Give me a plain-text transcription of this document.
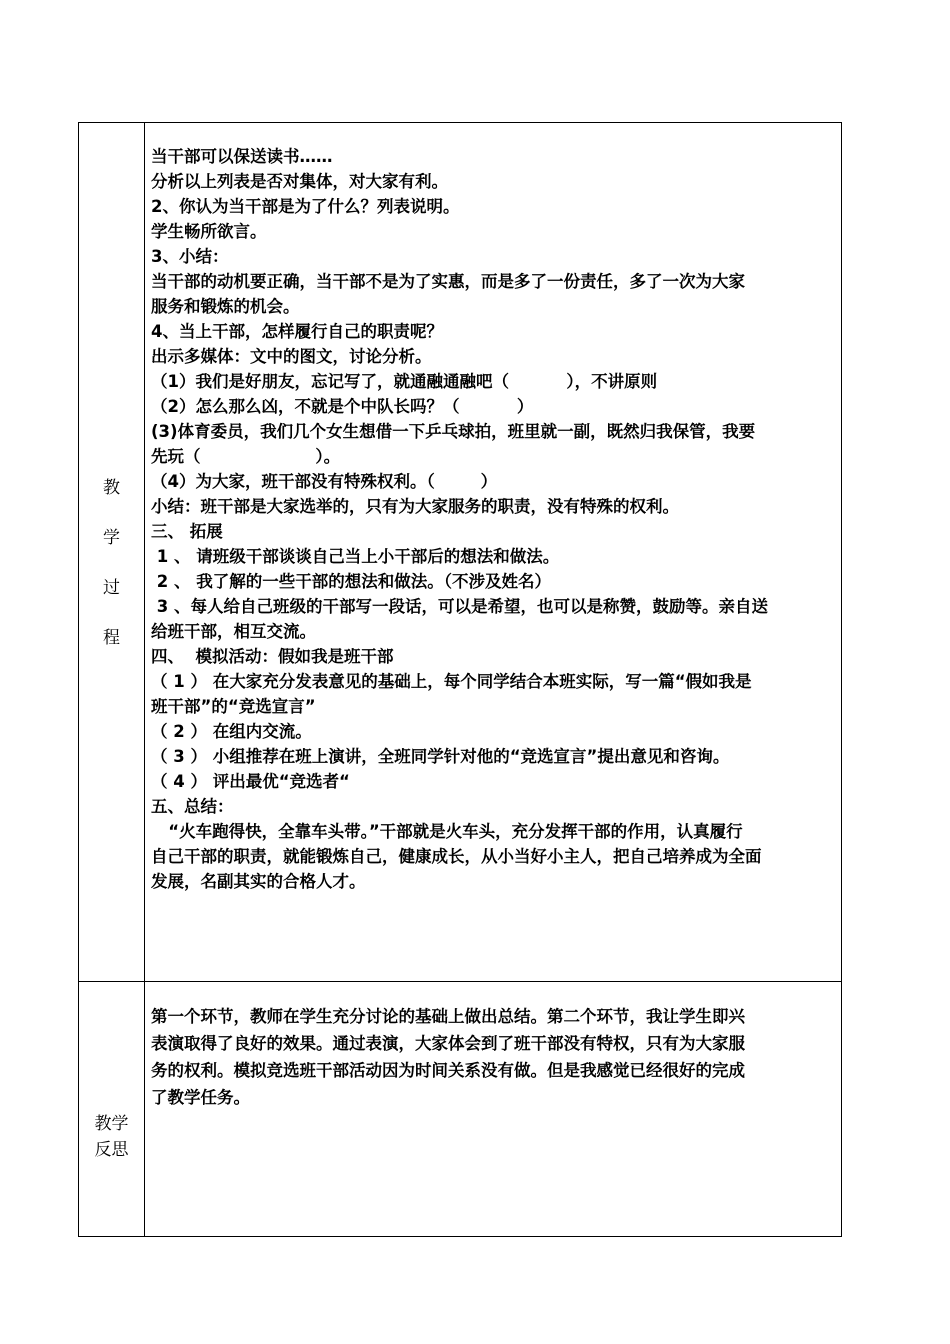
教
学
过
程
教学
反思
当干部可以保送读书……
分析以上列表是否对集体，对大家有利。
2、你认为当干部是为了什么？列表说明。
学生畅所欲言。
3、小结：
当干部的动机要正确，当干部不是为了实惠，而是多了一份责任，多了一次为大家
服务和锻炼的机会。
4、当上干部，怎样履行自己的职责呢？
出示多媒体：文中的图文，讨论分析。
（1）我们是好朋友，忘记写了，就通融通融吧（          ），不讲原则
（2）怎么那么凶，不就是个中队长吗？（          ）
(3)体育委员，我们几个女生想借一下乒乓球拍，班里就一副，既然归我保管，我要
先玩（                    ）。
（4）为大家，班干部没有特殊权利。（        ）
小结：班干部是大家选举的，只有为大家服务的职责，没有特殊的权利。
三、 拓展
1 、 请班级干部谈谈自己当上小干部后的想法和做法。
2 、 我了解的一些干部的想法和做法。（不涉及姓名）
3 、每人给自己班级的干部写一段话，可以是希望，也可以是称赞，鼓励等。亲自送
给班干部，相互交流。
四、  模拟活动：假如我是班干部
（ 1 ） 在大家充分发表意见的基础上，每个同学结合本班实际，写一篇“假如我是
班干部”的“竞选宣言”
（ 2 ） 在组内交流。
（ 3 ） 小组推荐在班上演讲，全班同学针对他的“竞选宣言”提出意见和咨询。
（ 4 ） 评出最优“竞选者“
五、总结：
“火车跑得快，全靠车头带。”干部就是火车头，充分发挥干部的作用，认真履行
自己干部的职责，就能锻炼自己，健康成长，从小当好小主人，把自己培养成为全面
发展，名副其实的合格人才。
第一个环节，教师在学生充分讨论的基础上做出总结。第二个环节，我让学生即兴
表演取得了良好的效果。通过表演，大家体会到了班干部没有特权，只有为大家服
务的权利。模拟竞选班干部活动因为时间关系没有做。但是我感觉已经很好的完成
了教学任务。
